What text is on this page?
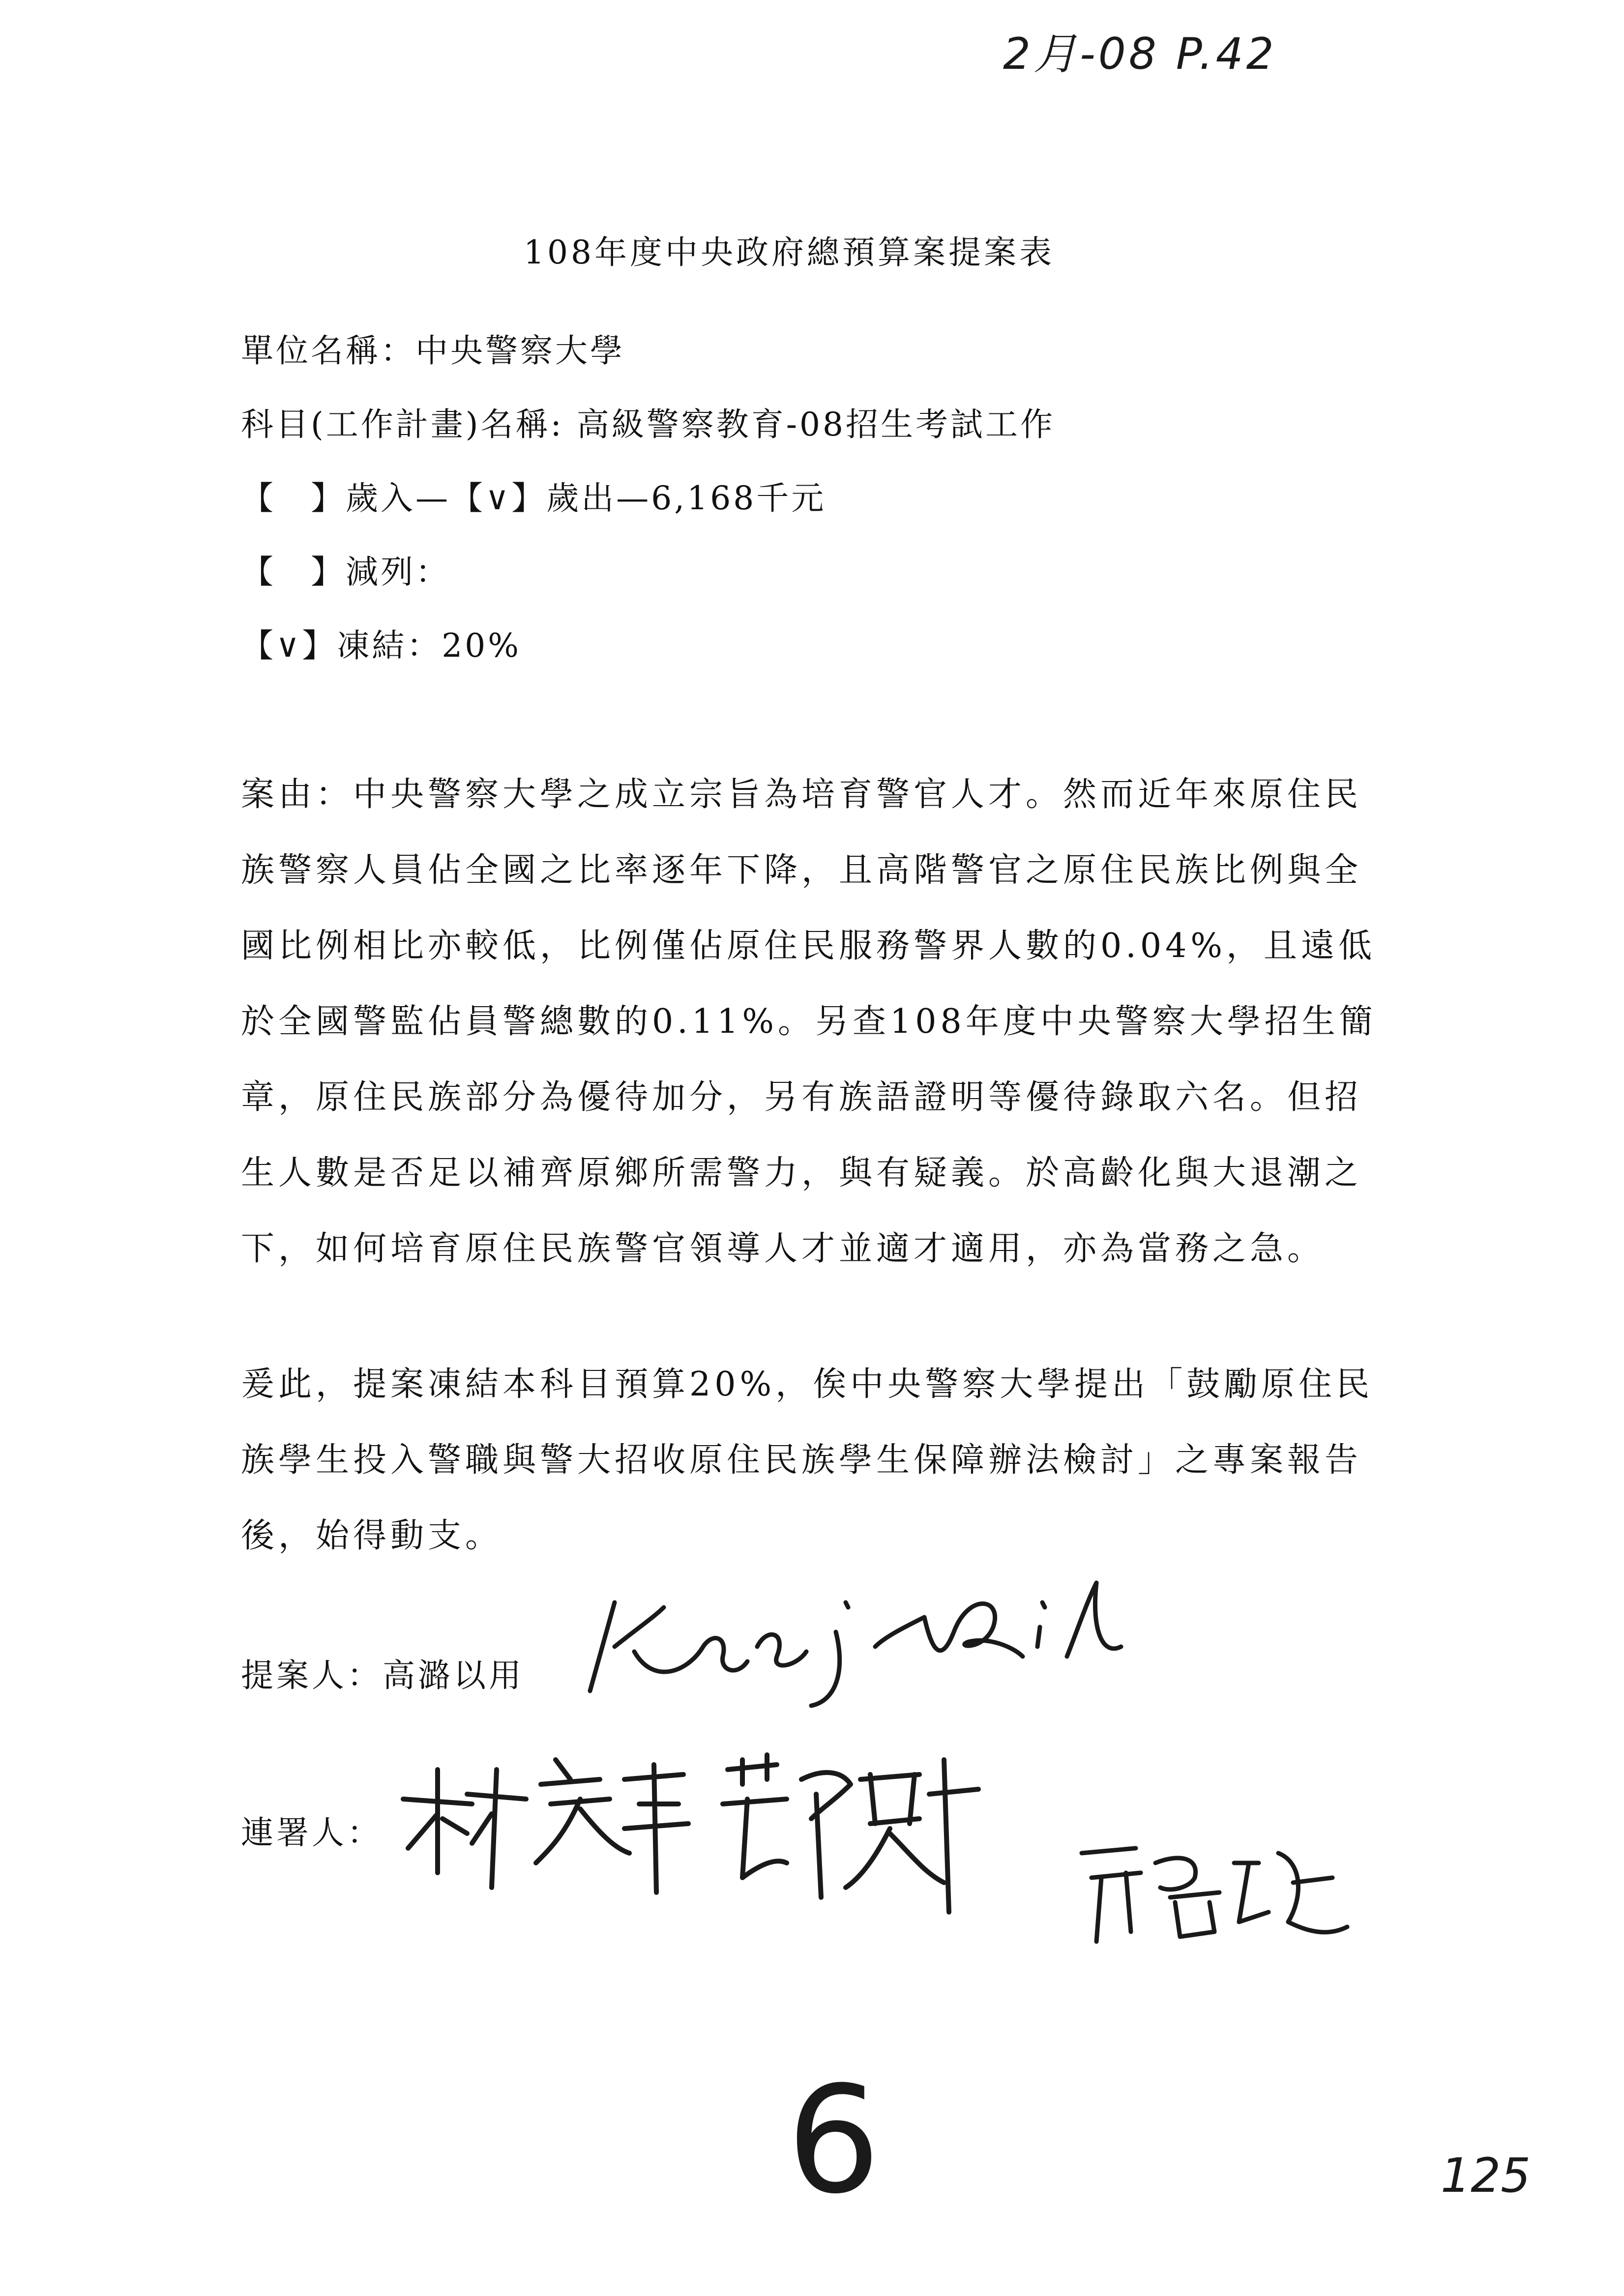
2月-08 P.42
108年度中央政府總預算案提案表
單位名稱：中央警察大學
科目(工作計畫)名稱: 高級警察教育-08招生考試工作
【　】歲入—【∨】歲出—6,168千元
【　】減列：
【∨】凍結：20%
案由：中央警察大學之成立宗旨為培育警官人才。然而近年來原住民族警察人員佔全國之比率逐年下降，且高階警官之原住民族比例與全國比例相比亦較低，比例僅佔原住民服務警界人數的0.04%，且遠低於全國警監佔員警總數的0.11%。另查108年度中央警察大學招生簡章，原住民族部分為優待加分，另有族語證明等優待錄取六名。但招生人數是否足以補齊原鄉所需警力，與有疑義。於高齡化與大退潮之下，如何培育原住民族警官領導人才並適才適用，亦為當務之急。
爰此，提案凍結本科目預算20%，俟中央警察大學提出「鼓勵原住民族學生投入警職與警大招收原住民族學生保障辦法檢討」之專案報告後，始得動支。
提案人：高潞以用
連署人：
6	125
